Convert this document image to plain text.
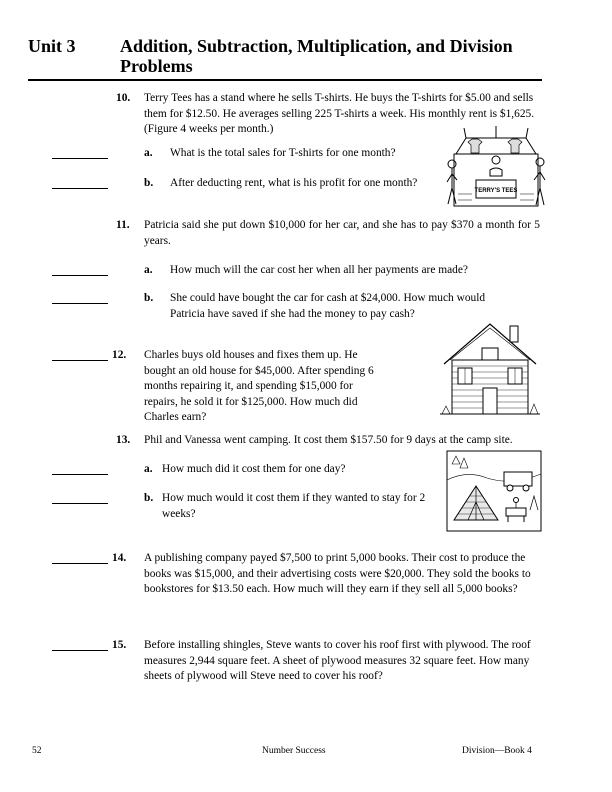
Unit 3 Addition, Subtraction, Multiplication, and Division Problems
10. Terry Tees has a stand where he sells T-shirts. He buys the T-shirts for $5.00 and sells them for $12.50. He averages selling 225 T-shirts a week. His monthly rent is $1,625. (Figure 4 weeks per month.)
a. What is the total sales for T-shirts for one month?
b. After deducting rent, what is his profit for one month?
TERRY'S TEES
11. Patricia said she put down $10,000 for her car, and she has to pay $370 a month for 5 years.
a. How much will the car cost her when all her payments are made?
b. She could have bought the car for cash at $24,000. How much would Patricia have saved if she had the money to pay cash?
12. Charles buys old houses and fixes them up. He bought an old house for $45,000. After spending 6 months repairing it, and spending $15,000 for repairs, he sold it for $125,000. How much did Charles earn?
13. Phil and Vanessa went camping. It cost them $157.50 for 9 days at the camp site.
a. How much did it cost them for one day?
b. How much would it cost them if they wanted to stay for 2 weeks?
14. A publishing company payed $7,500 to print 5,000 books. Their cost to produce the books was $15,000, and their advertising costs were $20,000. They sold the books to bookstores for $13.50 each. How much will they earn if they sell all 5,000 books?
15. Before installing shingles, Steve wants to cover his roof first with plywood. The roof measures 2,944 square feet. A sheet of plywood measures 32 square feet. How many sheets of plywood will Steve need to cover his roof?
52	Number Success	Division—Book 4
